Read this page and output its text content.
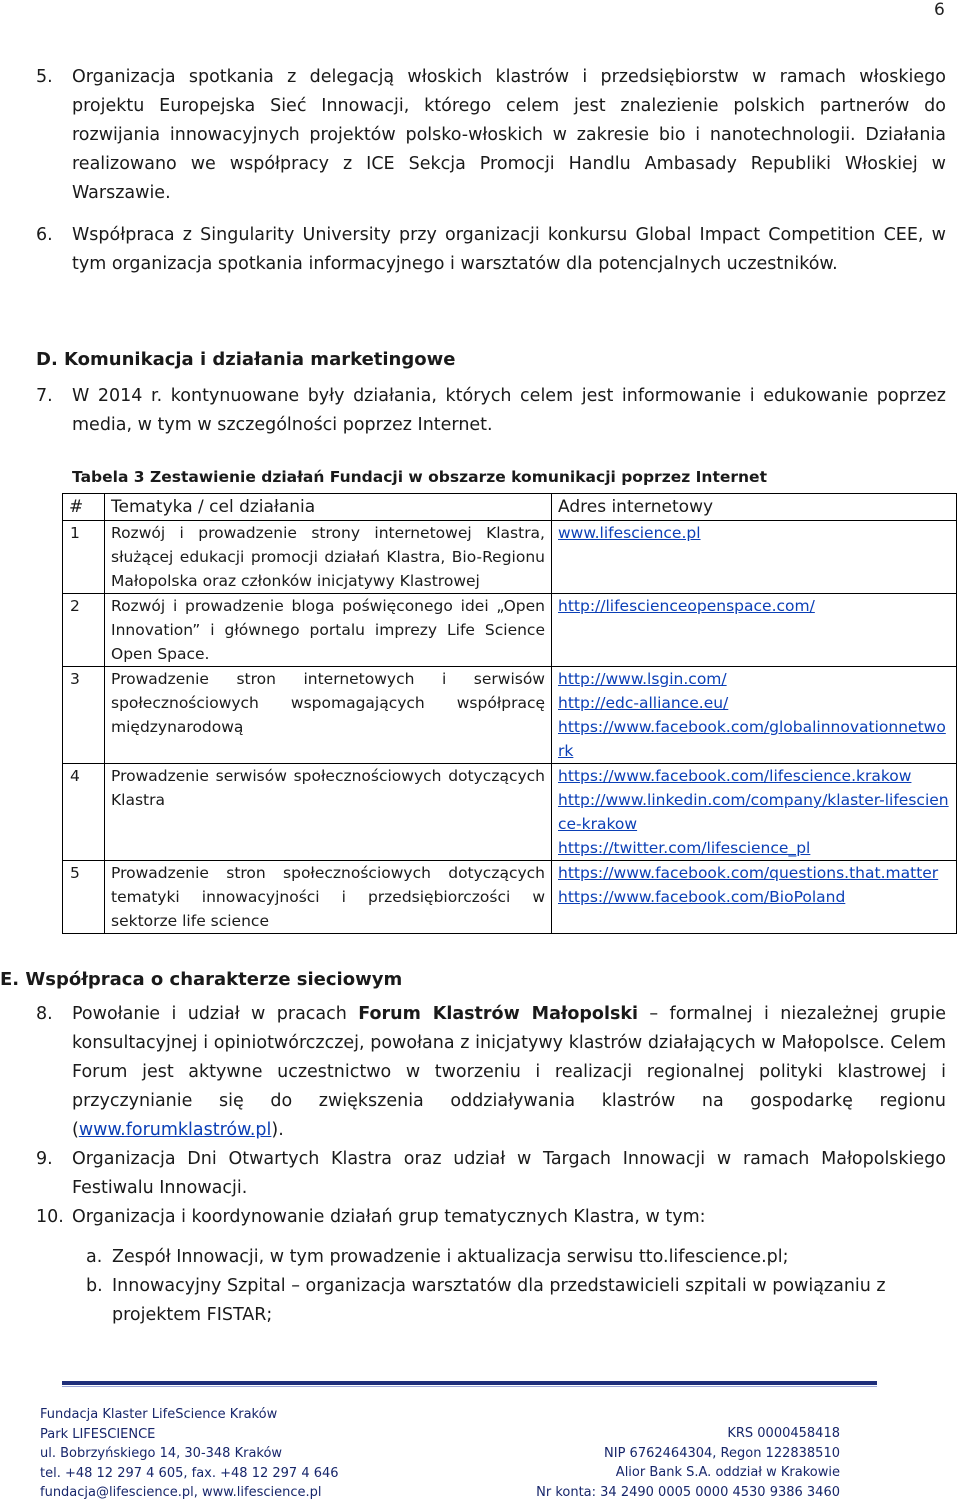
6
5. Organizacja spotkania z delegacją włoskich klastrów i przedsiębiorstw w ramach włoskiego projektu Europejska Sieć Innowacji, którego celem jest znalezienie polskich partnerów do rozwijania innowacyjnych projektów polsko-włoskich w zakresie bio i nanotechnologii. Działania realizowano we współpracy z ICE Sekcja Promocji Handlu Ambasady Republiki Włoskiej w Warszawie.
6. Współpraca z Singularity University przy organizacji konkursu Global Impact Competition CEE, w tym organizacja spotkania informacyjnego i warsztatów dla potencjalnych uczestników.
D. Komunikacja i działania marketingowe
7. W 2014 r. kontynuowane były działania, których celem jest informowanie i edukowanie poprzez media, w tym w szczególności poprzez Internet.
Tabela 3 Zestawienie działań Fundacji w obszarze komunikacji poprzez Internet
#	Tematyka / cel działania	Adres internetowy
1	Rozwój i prowadzenie strony internetowej Klastra, służącej edukacji promocji działań Klastra, Bio-Regionu Małopolska oraz członków inicjatywy Klastrowej	www.lifescience.pl

2	Rozwój i prowadzenie bloga poświęconego idei „Open Innovation” i głównego portalu imprezy Life Science Open Space.	http://lifescienceopenspace.com/

3	Prowadzenie stron internetowych i serwisów społecznościowych wspomagających współpracę międzynarodową	http://www.lsgin.com/
http://edc-alliance.eu/
https://www.facebook.com/globalinnovationnetwork

4	Prowadzenie serwisów społecznościowych dotyczących Klastra	https://www.facebook.com/lifescience.krakow
http://www.linkedin.com/company/klaster-lifescience-krakow
https://twitter.com/lifescience_pl

5	Prowadzenie stron społecznościowych dotyczących tematyki innowacyjności i przedsiębiorczości w sektorze life science	https://www.facebook.com/questions.that.matter
https://www.facebook.com/BioPoland
E. Współpraca o charakterze sieciowym
8. Powołanie i udział w pracach Forum Klastrów Małopolski – formalnej i niezależnej grupie konsultacyjnej i opiniotwórczczej, powołana z inicjatywy klastrów działających w Małopolsce. Celem Forum jest aktywne uczestnictwo w tworzeniu i realizacji regionalnej polityki klastrowej i przyczynianie się do zwiększenia oddziaływania klastrów na gospodarkę regionu (www.forumklastrów.pl).
9. Organizacja Dni Otwartych Klastra oraz udział w Targach Innowacji w ramach Małopolskiego Festiwalu Innowacji.
10. Organizacja i koordynowanie działań grup tematycznych Klastra, w tym:
a. Zespół Innowacji, w tym prowadzenie i aktualizacja serwisu tto.lifescience.pl;
b. Innowacyjny Szpital – organizacja warsztatów dla przedstawicieli szpitali w powiązaniu z projektem FISTAR;
Fundacja Klaster LifeScience Kraków
Park LIFESCIENCE
ul. Bobrzyńskiego 14, 30-348 Kraków
tel. +48 12 297 4 605, fax. +48 12 297 4 646
fundacja@lifescience.pl, www.lifescience.pl
KRS 0000458418
NIP 6762464304, Regon 122838510
Alior Bank S.A. oddział w Krakowie
Nr konta: 34 2490 0005 0000 4530 9386 3460
